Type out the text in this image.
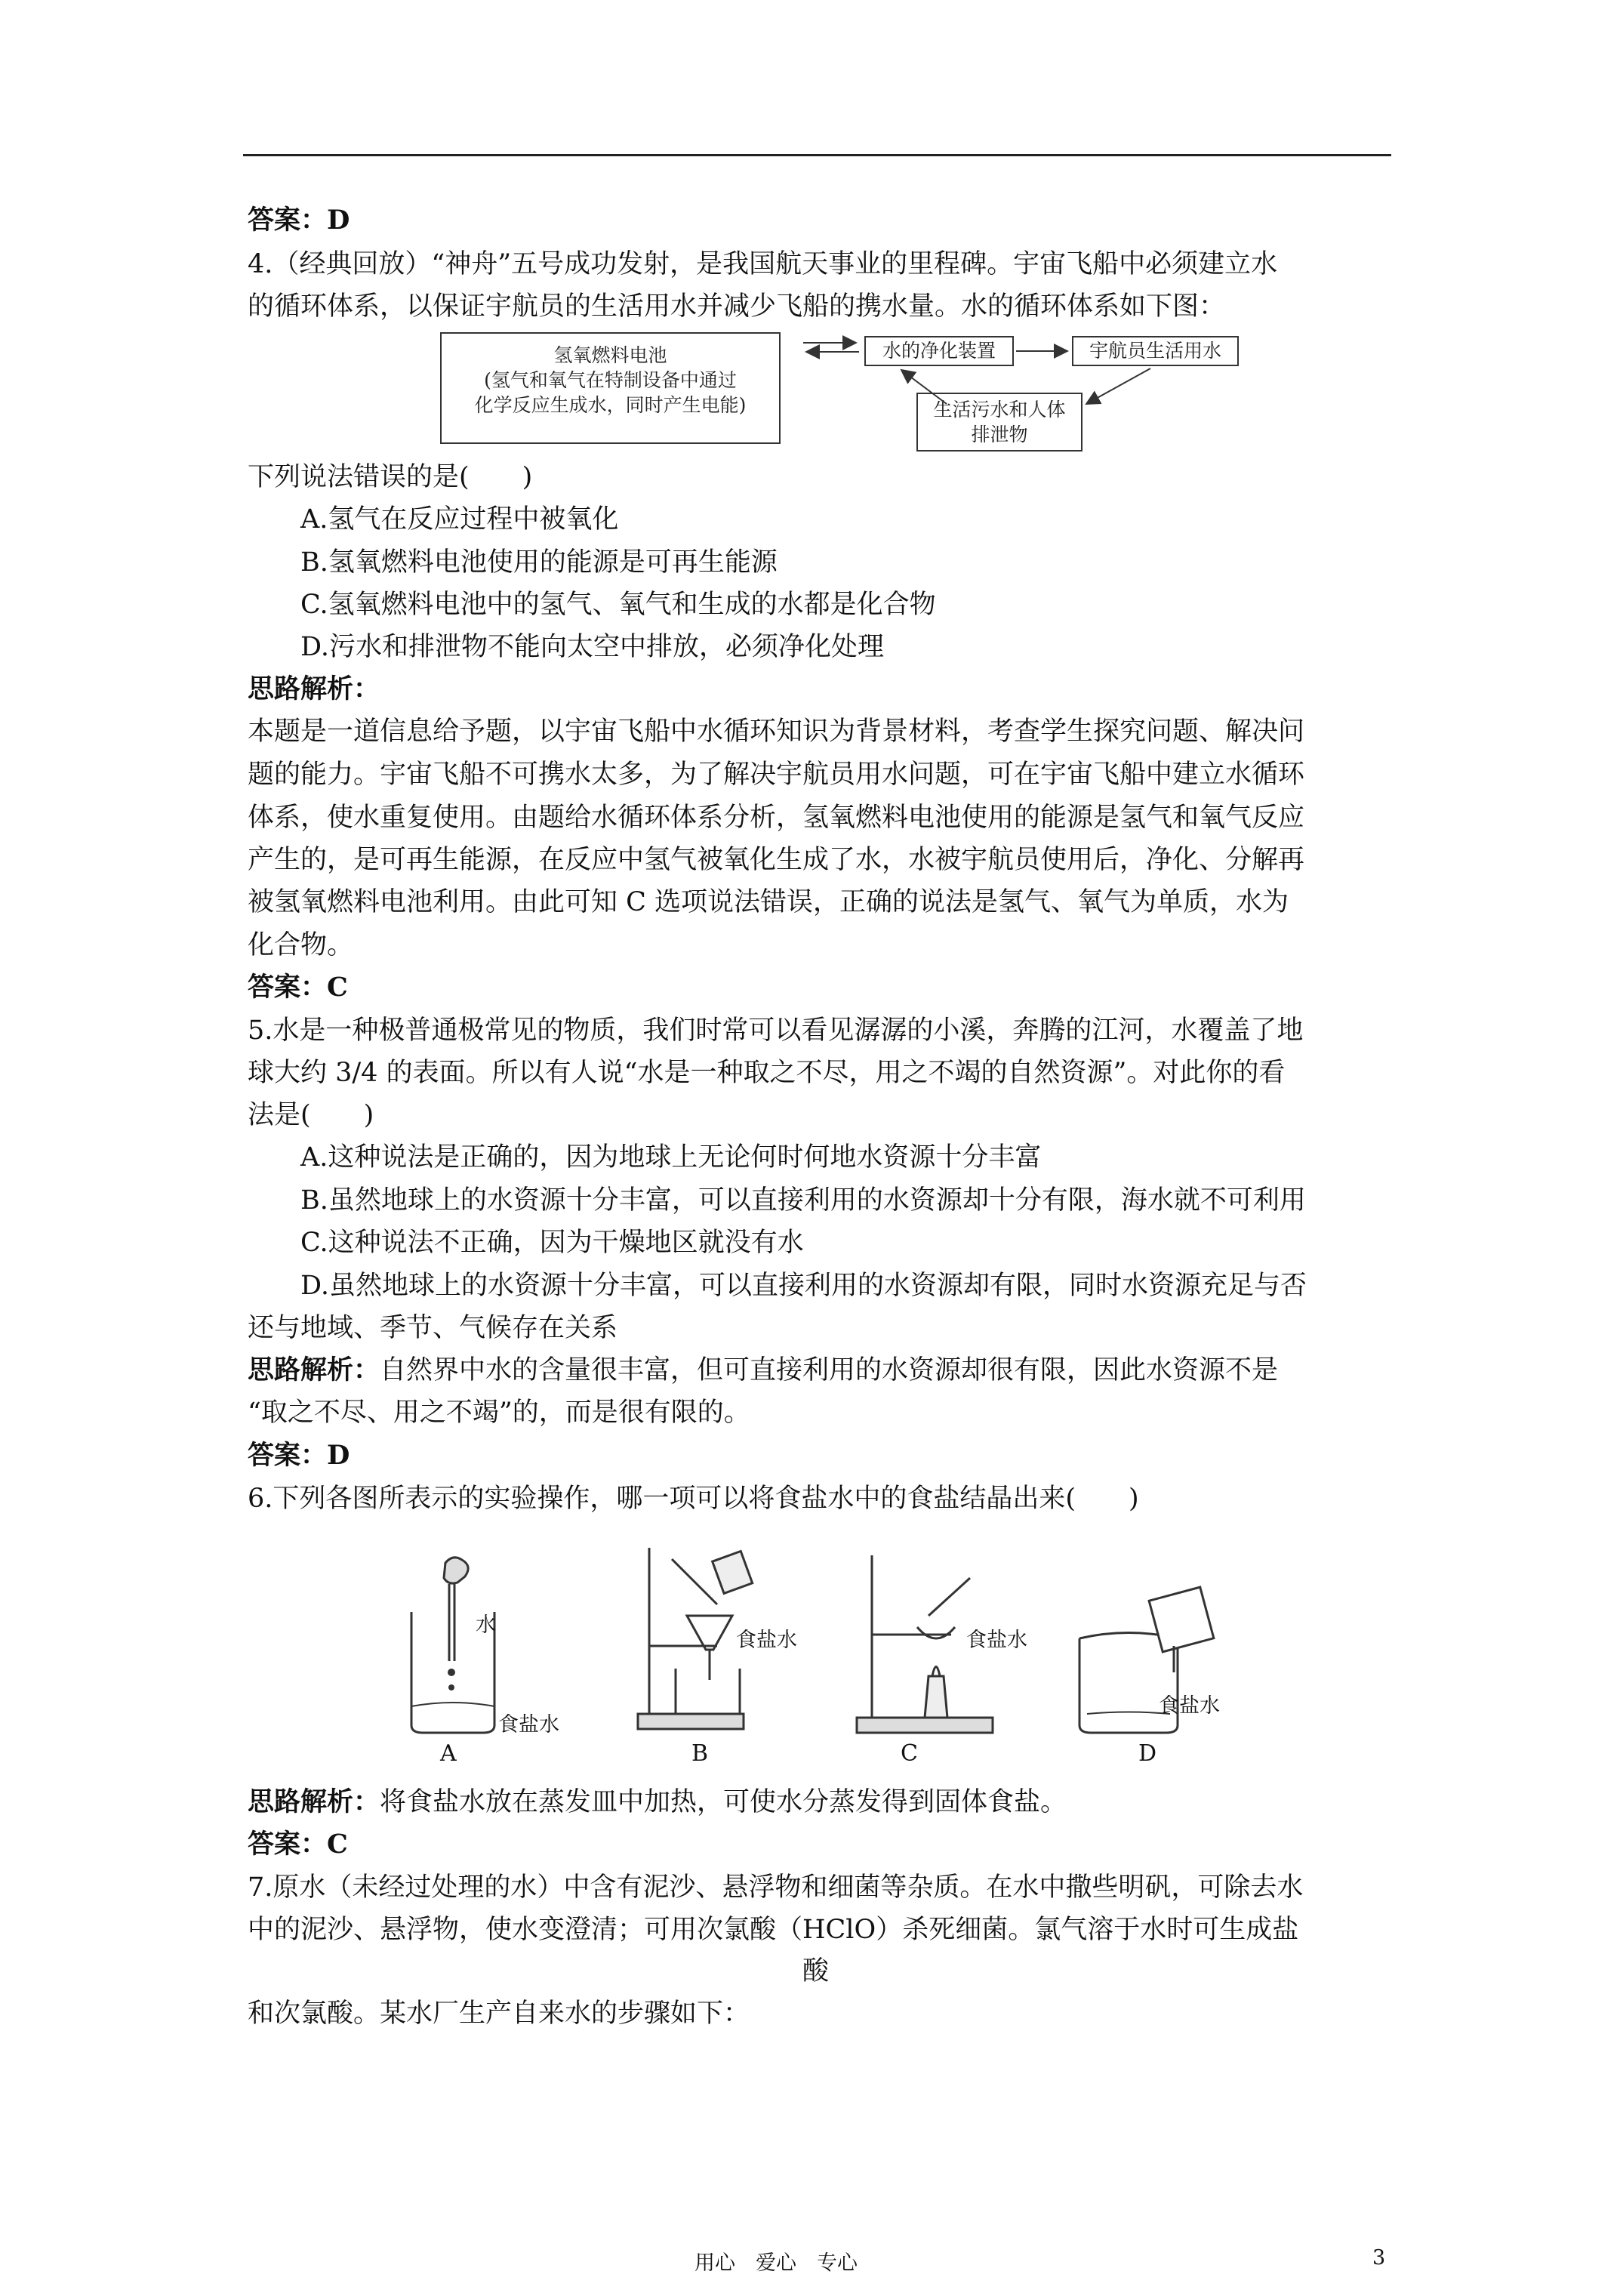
答案：D
4.（经典回放）“神舟”五号成功发射，是我国航天事业的里程碑。宇宙飞船中必须建立水
的循环体系，以保证宇航员的生活用水并减少飞船的携水量。水的循环体系如下图：
氢氧燃料电池
(氢气和氧气在特制设备中通过
化学反应生成水，同时产生电能)
水的净化装置	宇航员生活用水
生活污水和人体
排泄物
下列说法错误的是(　　)
A.氢气在反应过程中被氧化
B.氢氧燃料电池使用的能源是可再生能源
C.氢氧燃料电池中的氢气、氧气和生成的水都是化合物
D.污水和排泄物不能向太空中排放，必须净化处理
思路解析：
本题是一道信息给予题，以宇宙飞船中水循环知识为背景材料，考查学生探究问题、解决问
题的能力。宇宙飞船不可携水太多，为了解决宇航员用水问题，可在宇宙飞船中建立水循环
体系，使水重复使用。由题给水循环体系分析，氢氧燃料电池使用的能源是氢气和氧气反应
产生的，是可再生能源，在反应中氢气被氧化生成了水，水被宇航员使用后，净化、分解再
被氢氧燃料电池利用。由此可知 C 选项说法错误，正确的说法是氢气、氧气为单质，水为
化合物。
答案：C
5.水是一种极普通极常见的物质，我们时常可以看见潺潺的小溪，奔腾的江河，水覆盖了地
球大约 3/4 的表面。所以有人说“水是一种取之不尽，用之不竭的自然资源”。对此你的看
法是(　　)
A.这种说法是正确的，因为地球上无论何时何地水资源十分丰富
B.虽然地球上的水资源十分丰富，可以直接利用的水资源却十分有限，海水就不可利用
C.这种说法不正确，因为干燥地区就没有水
D.虽然地球上的水资源十分丰富，可以直接利用的水资源却有限，同时水资源充足与否
还与地域、季节、气候存在关系
思路解析：自然界中水的含量很丰富，但可直接利用的水资源却很有限，因此水资源不是
“取之不尽、用之不竭”的，而是很有限的。
答案：D
6.下列各图所表示的实验操作，哪一项可以将食盐水中的食盐结晶出来(　　)
水
食盐水
食盐水	食盐水
食盐水
A	B	C	D
思路解析：将食盐水放在蒸发皿中加热，可使水分蒸发得到固体食盐。
答案：C
7.原水（未经过处理的水）中含有泥沙、悬浮物和细菌等杂质。在水中撒些明矾，可除去水
中的泥沙、悬浮物，使水变澄清；可用次氯酸（HClO）杀死细菌。氯气溶于水时可生成盐
酸
和次氯酸。某水厂生产自来水的步骤如下：
用心　爱心　专心	3
